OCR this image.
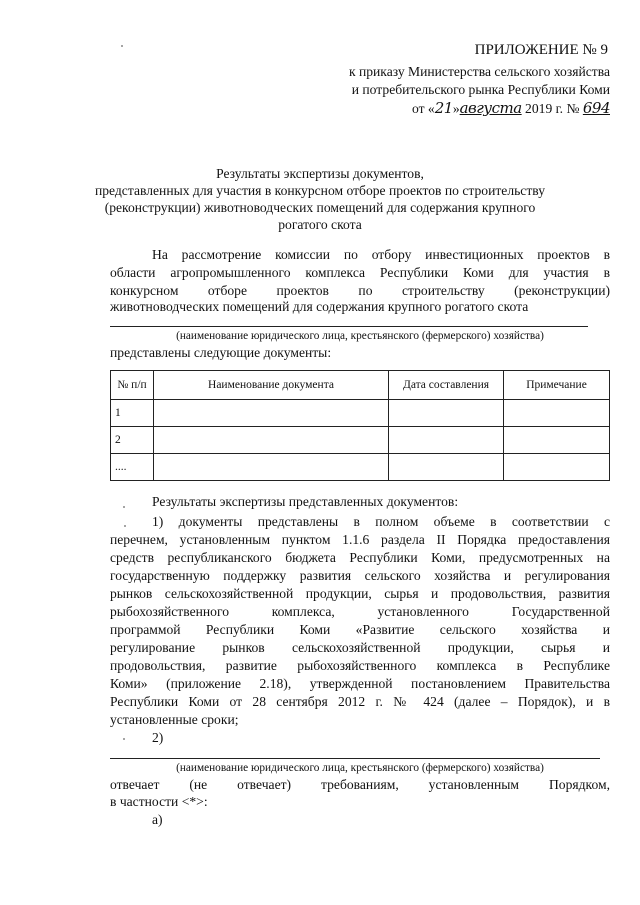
ПРИЛОЖЕНИЕ № 9
к приказу Министерства сельского хозяйства
и потребительского рынка Республики Коми
от «21»августа 2019 г. № 694
Результаты экспертизы документов,
представленных для участия в конкурсном отборе проектов по строительству
(реконструкции) животноводческих помещений для содержания крупного
рогатого скота
На рассмотрение комиссии по отбору инвестиционных проектов в
области агропромышленного комплекса Республики Коми для участия в
конкурсном отборе проектов по строительству (реконструкции)
животноводческих помещений для содержания крупного рогатого скота
(наименование юридического лица, крестьянского (фермерского) хозяйства)
представлены следующие документы:
№ п/п	Наименование документа	Дата составления	Примечание
1			
2			
....			
Результаты экспертизы представленных документов:
1) документы представлены в полном объеме в соответствии с
перечнем, установленным пунктом 1.1.6 раздела II Порядка предоставления
средств республиканского бюджета Республики Коми, предусмотренных на
государственную поддержку развития сельского хозяйства и регулирования
рынков сельскохозяйственной продукции, сырья и продовольствия, развития
рыбохозяйственного комплекса, установленного Государственной
программой Республики Коми «Развитие сельского хозяйства и
регулирование рынков сельскохозяйственной продукции, сырья и
продовольствия, развитие рыбохозяйственного комплекса в Республике
Коми» (приложение 2.18), утвержденной постановлением Правительства
Республики Коми от 28 сентября 2012 г. № 424 (далее – Порядок), и в
установленные сроки;
2)
(наименование юридического лица, крестьянского (фермерского) хозяйства)
отвечает (не отвечает) требованиям, установленным Порядком,
в частности <*>:
а)
